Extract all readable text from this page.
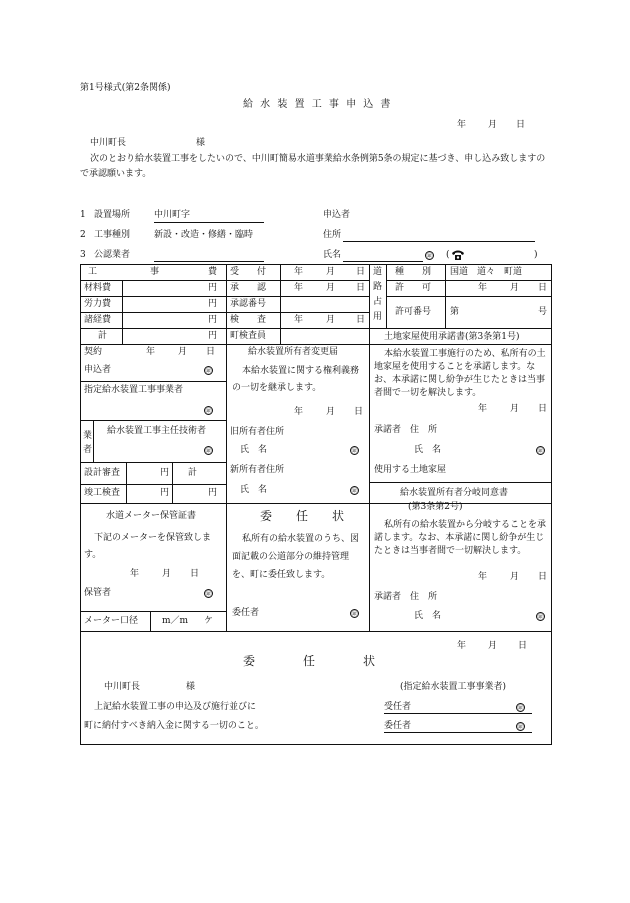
第1号様式(第2条関係)
給 水 装 置 工 事 申 込 書
年 月 日
中川町長	様
次のとおり給水装置工事をしたいので、中川町簡易水道事業給水条例第5条の規定に基づき、申し込み致しますので承認願います。
1 設置場所	中川町字
2 工事種別	新設・改造・修繕・臨時
3 公認業者
申込者
住所
氏名	㊞ (	)
工	事	費
材料費	円
労力費	円
諸経費	円
計	円
受　　付	年	月 日
承　　認	年	月 日
承認番号
検　　査	年	月 日
町検査員
道
路
占
用
種　　別 国道　道々　町道
許　　可	年	月 日
許可番号 第	号
契約	年	月 日
申込者	㊞
指定給水装置工事事業者
㊞
業
者
給水装置工事主任技術者
㊞
設計審査	円 計
竣工検査	円	円
給水装置所有者変更届
本給水装置に関する権利義務の一切を継承します。
年	月 日
旧所有者住所
氏　名	㊞
新所有者住所
氏　名	㊞
土地家屋使用承諾書(第3条第1号)
本給水装置工事施行のため、私所有の土地家屋を使用することを承諾します。なお、本承諾に関し紛争が生じたときは当事者間で一切を解決します。
年	月 日
承諾者　住　所
氏　名	㊞
使用する土地家屋
給水装置所有者分岐同意書
(第3条第2号)
私所有の給水装置から分岐することを承諾します。なお、本承諾に関し紛争が生じたときは当事者間で一切解決します。
年	月 日
承諾者　住　所
氏　名	㊞
水道メーター保管証書
下記のメーターを保管致します。
年	月 日
保管者	㊞
メーター口径	m／m ケ
委　　任　　状
私所有の給水装置のうち、図面記載の公道部分の維持管理を、町に委任致します。
委任者	㊞
年 月 日
委　　　　任　　　　状
中川町長	様	(指定給水装置工事事業者)
上記給水装置工事の申込及び施行並びに
町に納付すべき納入金に関する一切のこと。
受任者	㊞
委任者	㊞
